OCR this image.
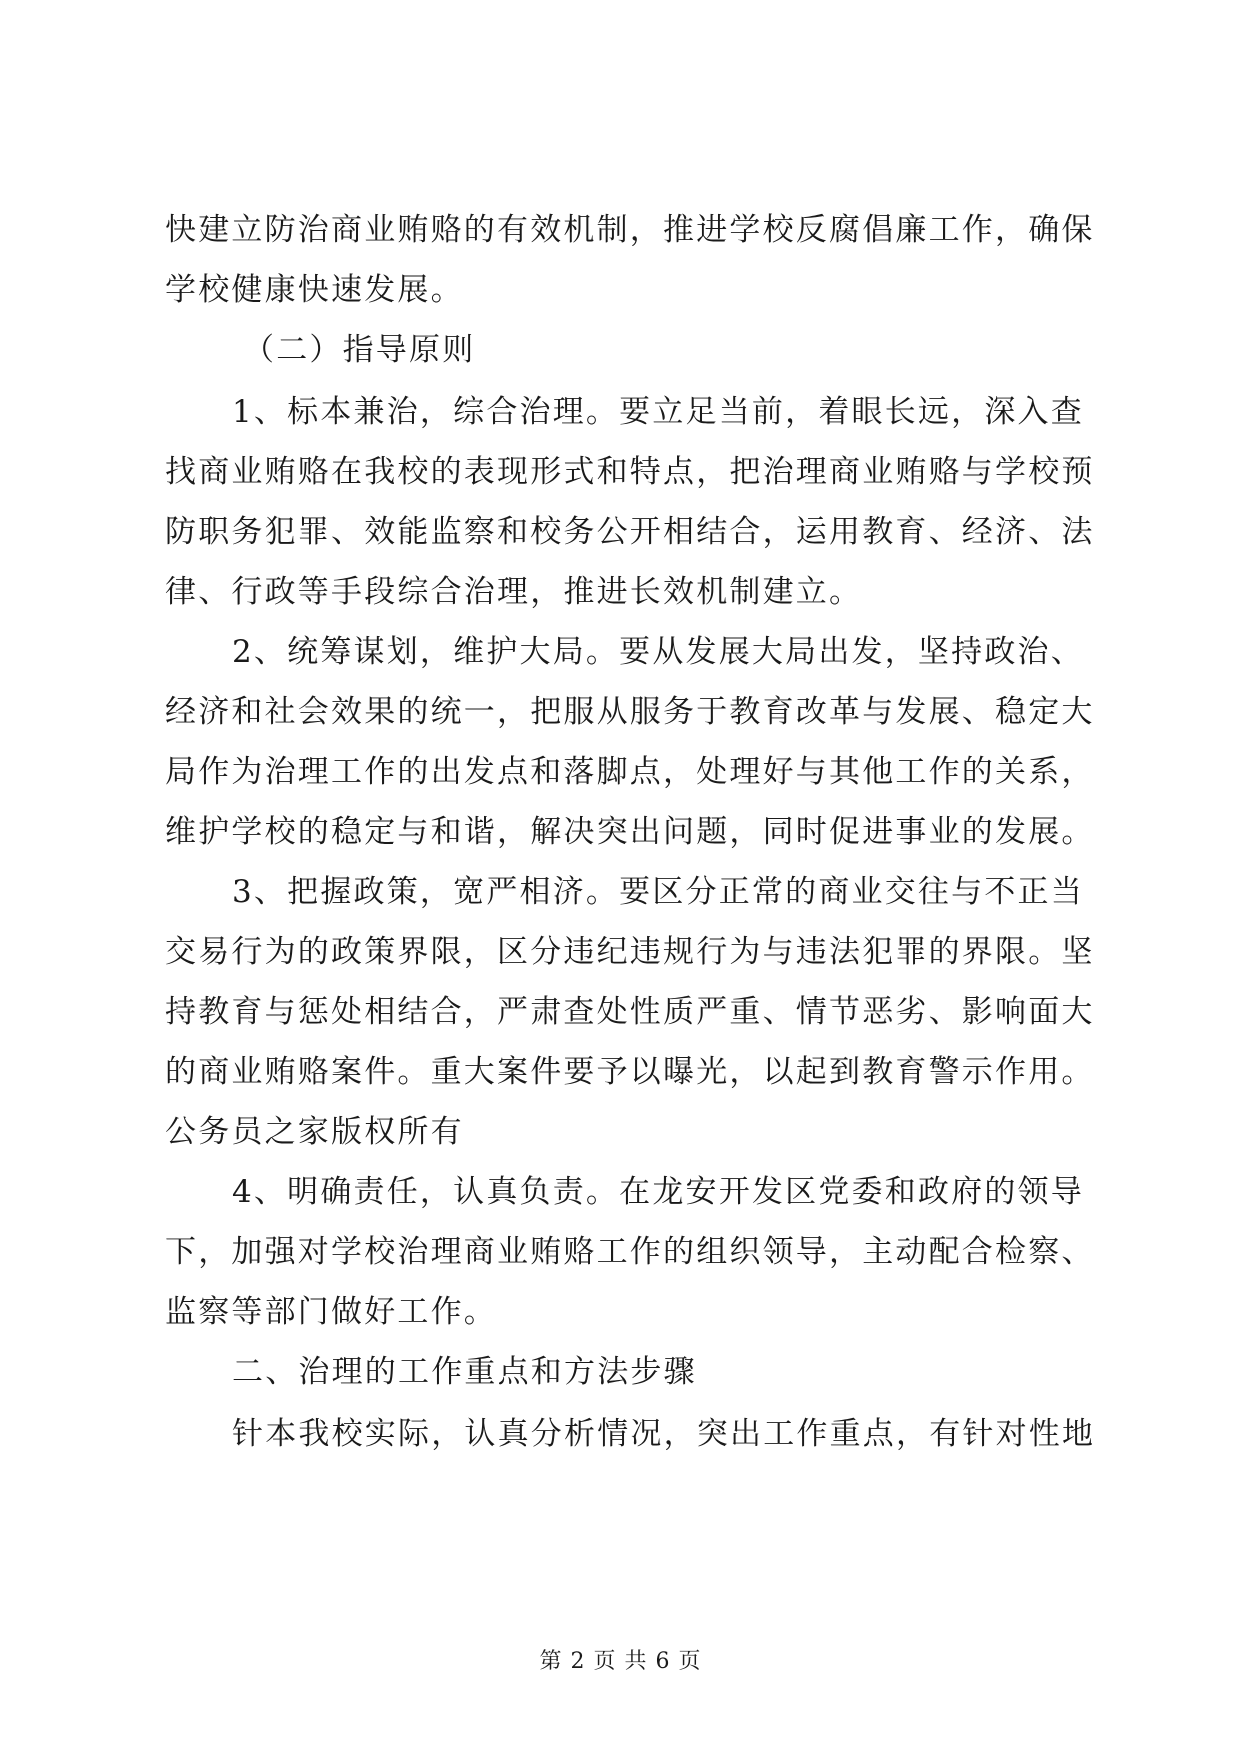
快建立防治商业贿赂的有效机制，推进学校反腐倡廉工作，确保
学校健康快速发展。
（二）指导原则
1、标本兼治，综合治理。要立足当前，着眼长远，深入查
找商业贿赂在我校的表现形式和特点，把治理商业贿赂与学校预
防职务犯罪、效能监察和校务公开相结合，运用教育、经济、法
律、行政等手段综合治理，推进长效机制建立。
2、统筹谋划，维护大局。要从发展大局出发，坚持政治、
经济和社会效果的统一，把服从服务于教育改革与发展、稳定大
局作为治理工作的出发点和落脚点，处理好与其他工作的关系，
维护学校的稳定与和谐，解决突出问题，同时促进事业的发展。
3、把握政策，宽严相济。要区分正常的商业交往与不正当
交易行为的政策界限，区分违纪违规行为与违法犯罪的界限。坚
持教育与惩处相结合，严肃查处性质严重、情节恶劣、影响面大
的商业贿赂案件。重大案件要予以曝光，以起到教育警示作用。
公务员之家版权所有
4、明确责任，认真负责。在龙安开发区党委和政府的领导
下，加强对学校治理商业贿赂工作的组织领导，主动配合检察、
监察等部门做好工作。
二、治理的工作重点和方法步骤
针本我校实际，认真分析情况，突出工作重点，有针对性地
第 2 页 共 6 页
